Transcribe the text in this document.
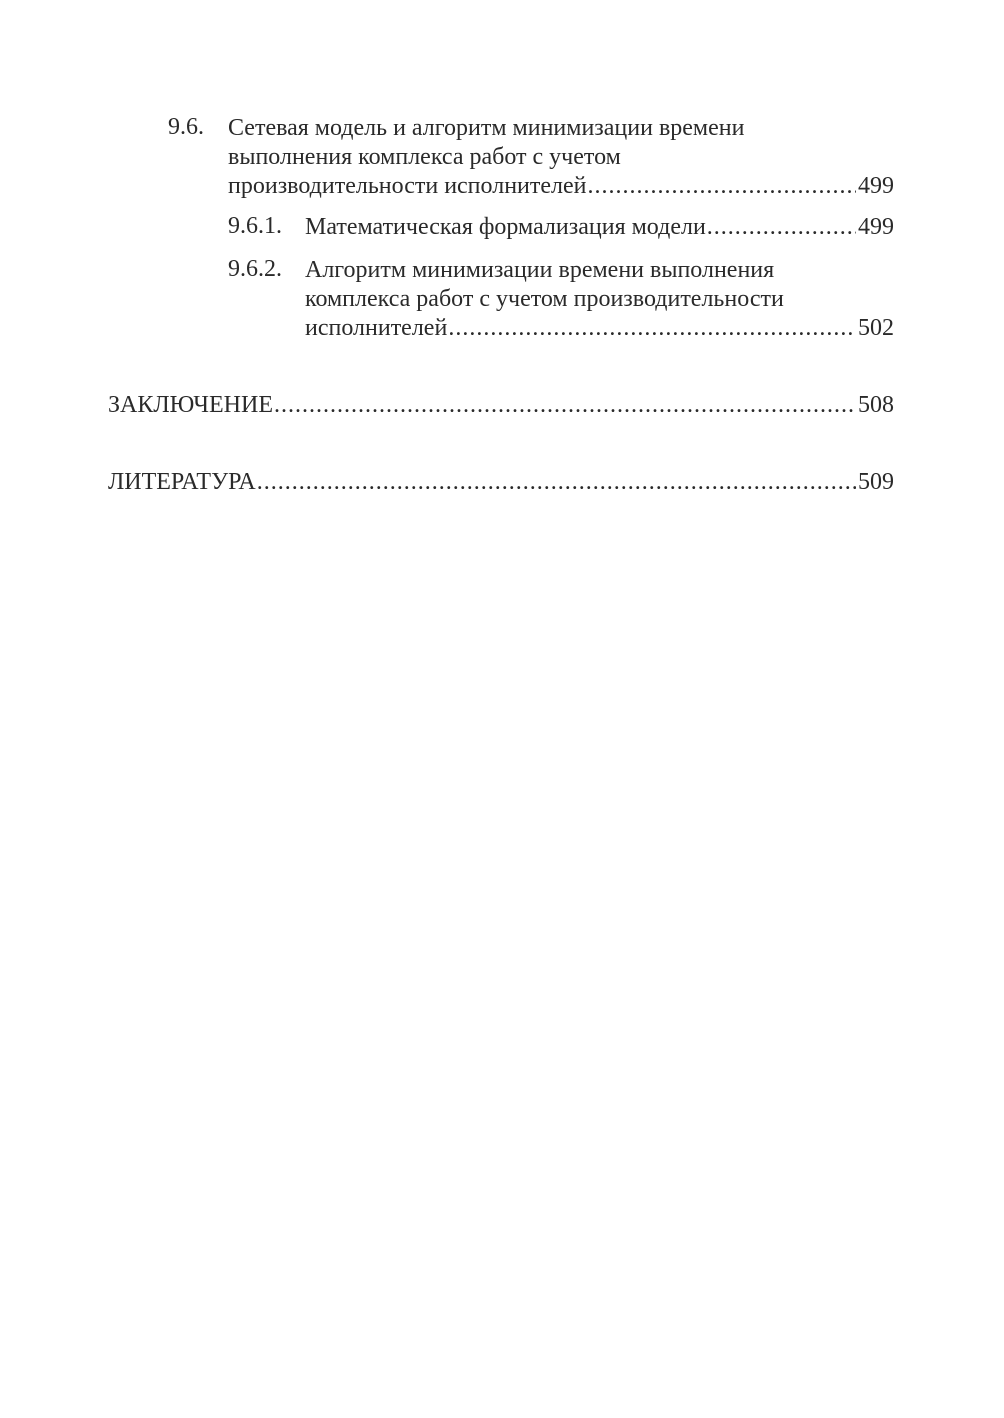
9.6. Сетевая модель и алгоритм минимизации времени
выполнения комплекса работ с учетом
производительности исполнителей .....	499
9.6.1. Математическая формализация модели .....	499
9.6.2. Алгоритм минимизации времени выполнения
комплекса работ с учетом производительности
исполнителей .....	502
ЗАКЛЮЧЕНИЕ .....	508
ЛИТЕРАТУРА .....	509
